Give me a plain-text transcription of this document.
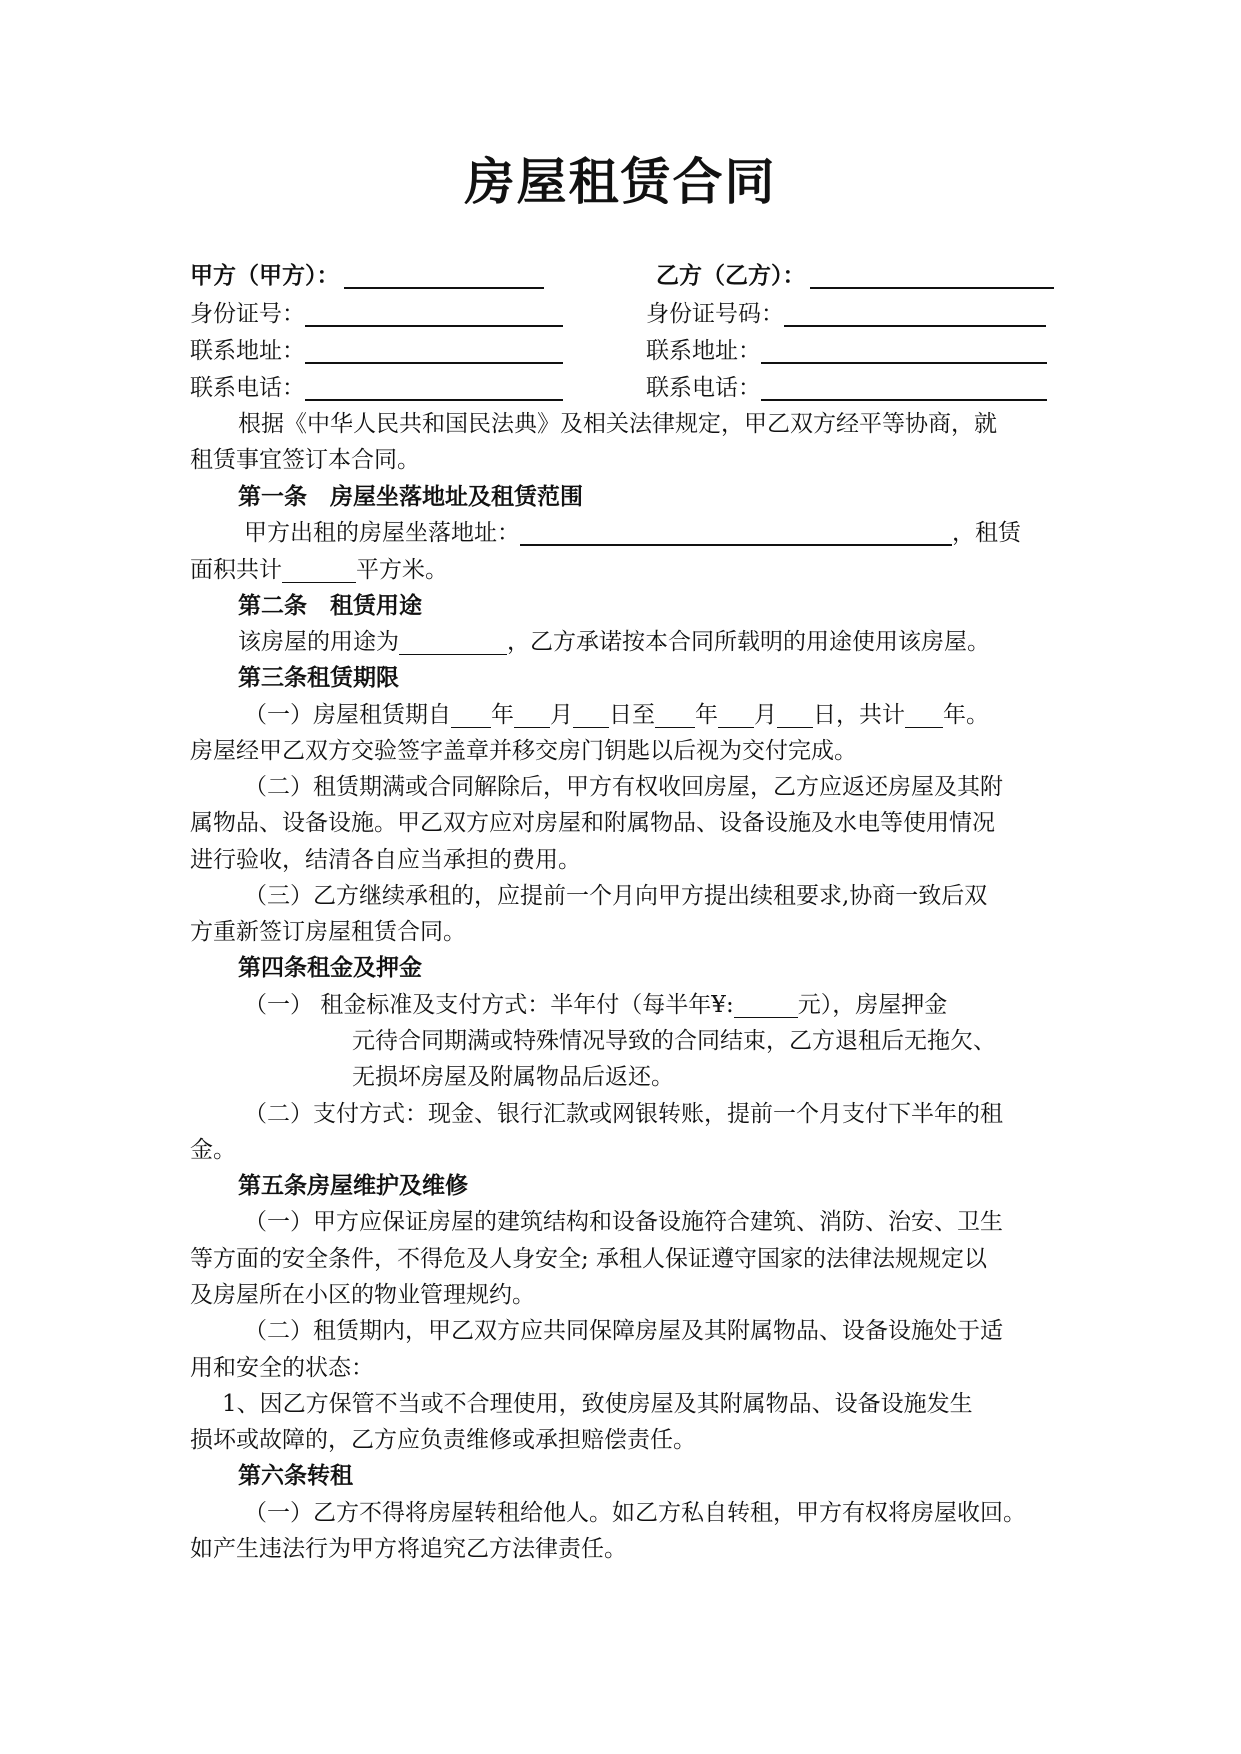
房屋租赁合同
甲方（甲方）：	乙方（乙方）：
身份证号：	身份证号码：
联系地址：	联系地址：
联系电话：	联系电话：
根据《中华人民共和国民法典》及相关法律规定，甲乙双方经平等协商，就
租赁事宜签订本合同。
第一条　房屋坐落地址及租赁范围
甲方出租的房屋坐落地址：	，租赁
面积共计	平方米。
第二条　租赁用途
该房屋的用途为	，乙方承诺按本合同所载明的用途使用该房屋。
第三条租赁期限
（一）房屋租赁期自 年 月 日至 年 月 日，共计 年。
房屋经甲乙双方交验签字盖章并移交房门钥匙以后视为交付完成。
（二）租赁期满或合同解除后，甲方有权收回房屋，乙方应返还房屋及其附
属物品、设备设施。甲乙双方应对房屋和附属物品、设备设施及水电等使用情况
进行验收，结清各自应当承担的费用。
（三）乙方继续承租的，应提前一个月向甲方提出续租要求,协商一致后双
方重新签订房屋租赁合同。
第四条租金及押金
（一） 租金标准及支付方式：半年付（每半年¥:	元），房屋押金
元待合同期满或特殊情况导致的合同结束，乙方退租后无拖欠、
无损坏房屋及附属物品后返还。
（二）支付方式：现金、银行汇款或网银转账，提前一个月支付下半年的租
金。
第五条房屋维护及维修
（一）甲方应保证房屋的建筑结构和设备设施符合建筑、消防、治安、卫生
等方面的安全条件，不得危及人身安全; 承租人保证遵守国家的法律法规规定以
及房屋所在小区的物业管理规约。
（二）租赁期内，甲乙双方应共同保障房屋及其附属物品、设备设施处于适
用和安全的状态：
1、因乙方保管不当或不合理使用，致使房屋及其附属物品、设备设施发生
损坏或故障的，乙方应负责维修或承担赔偿责任。
第六条转租
（一）乙方不得将房屋转租给他人。如乙方私自转租，甲方有权将房屋收回。
如产生违法行为甲方将追究乙方法律责任。
